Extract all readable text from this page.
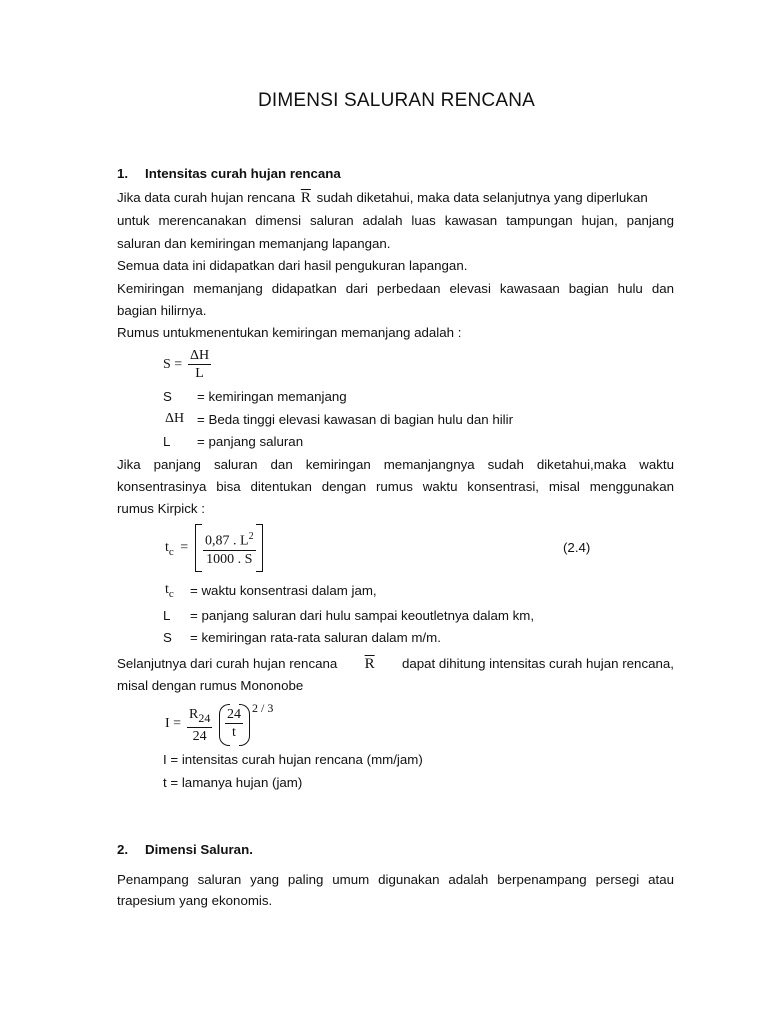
DIMENSI SALURAN RENCANA
1. Intensitas curah hujan rencana
Jika data curah hujan rencana $\overline{R}$ sudah diketahui, maka data selanjutnya yang diperlukan
untuk merencanakan dimensi saluran adalah luas kawasan tampungan hujan, panjang
saluran dan kemiringan memanjang lapangan.
Semua data ini didapatkan dari hasil pengukuran lapangan.
Kemiringan memanjang didapatkan dari perbedaan elevasi kawasaan bagian hulu dan
bagian hilirnya.
Rumus untukmenentukan kemiringan memanjang adalah :
S =
ΔH
L
S = kemiringan memanjang
ΔH = Beda tinggi elevasi kawasan di bagian hulu dan hilir
L = panjang saluran
Jika panjang saluran dan kemiringan memanjangnya sudah diketahui,maka waktu
konsentrasinya bisa ditentukan dengan rumus waktu konsentrasi, misal menggunakan
rumus Kirpick :
$t_c = 0,87$ . $L^2$
1000 . S
(2.4)
$t_c$ = waktu konsentrasi dalam jam,
L = panjang saluran dari hulu sampai keoutletnya dalam km,
S = kemiringan rata-rata saluran dalam m/m.
Selanjutnya dari curah hujan rencana $\overline{R}$ dapat dihitung intensitas curah hujan rencana,
misal dengan rumus Mononobe
I =
$R_{24}$
24
24
t
2 / 3
I = intensitas curah hujan rencana (mm/jam)
t = lamanya hujan (jam)
2. Dimensi Saluran.
Penampang saluran yang paling umum digunakan adalah berpenampang persegi atau
trapesium yang ekonomis.
